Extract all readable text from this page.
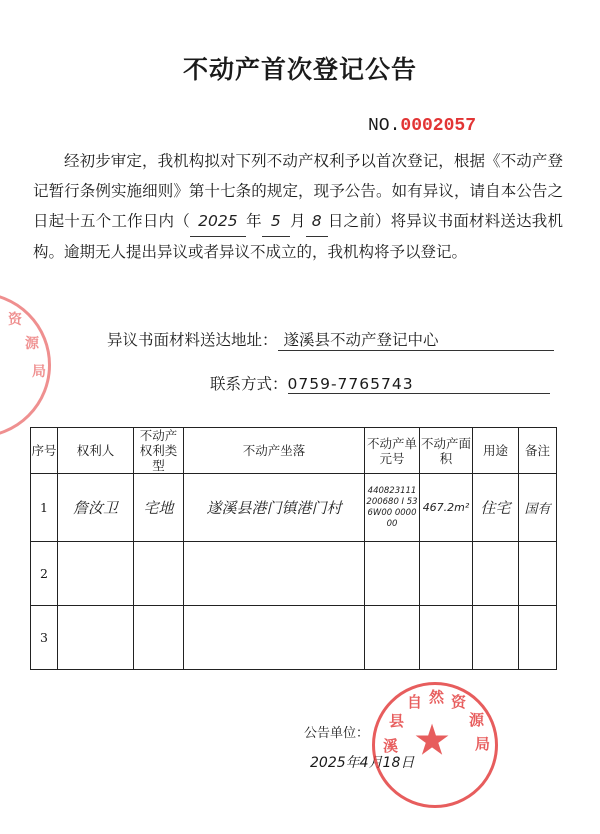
不动产首次登记公告
NO.0002057

经初步审定，我机构拟对下列不动产权利予以首次登记，根据《不动产登记暂行条例实施细则》第十七条的规定，现予公告。如有异议，请自本公告之日起十五个工作日内（ 2025 年 5 月 8 日之前）将异议书面材料送达我机构。逾期无人提出异议或者异议不成立的，我机构将予以登记。

异议书面材料送达地址： 遂溪县不动产登记中心
联系方式：0759-7765743
序号	权利人	不动产权利类型	不动产坐落	不动产单元号	不动产面 积	用途	备注
1	詹汝卫	宅地	遂溪县港门镇港门村	440823111 200680 I 536W00 000000	467.2m²	住宅	国有
2							
3							
资
源
局
公告单位：
2025年4月18日
溪
县
自 然 资
源
局
★
